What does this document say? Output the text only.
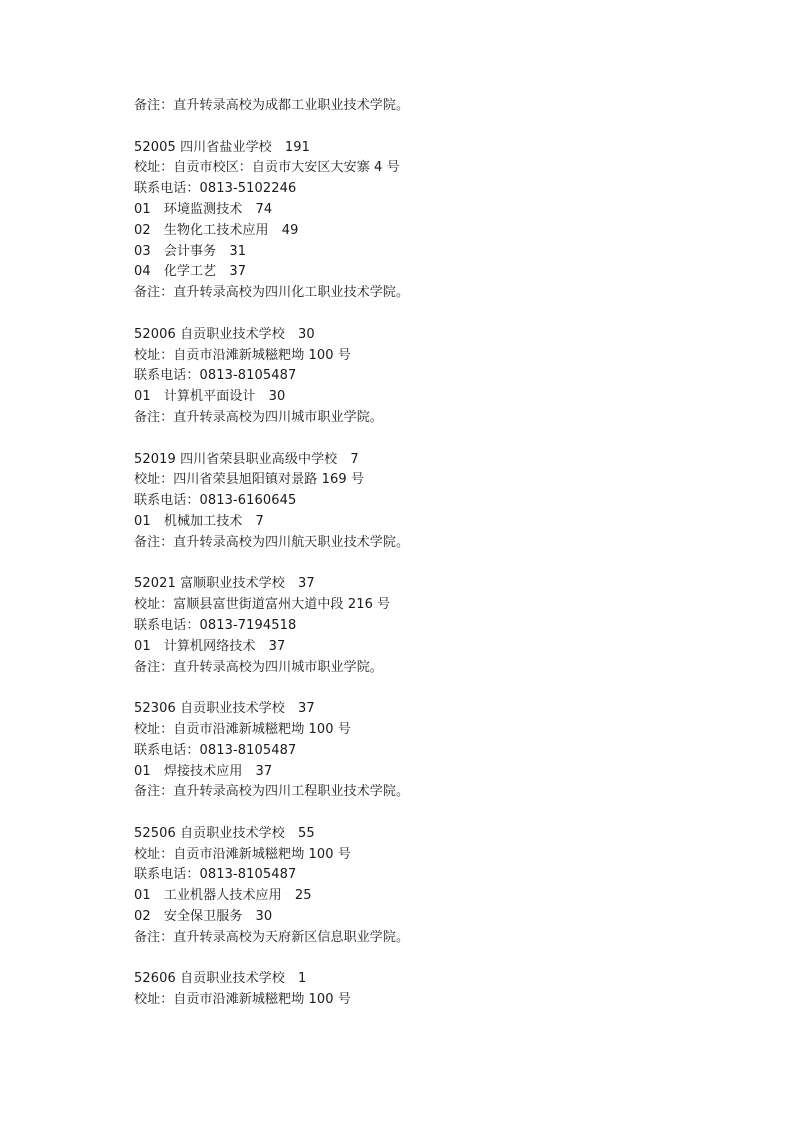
备注：直升转录高校为成都工业职业技术学院。
52005 四川省盐业学校　191
校址：自贡市校区：自贡市大安区大安寨 4 号
联系电话：0813-5102246
01　环境监测技术　74
02　生物化工技术应用　49
03　会计事务　31
04　化学工艺　37
备注：直升转录高校为四川化工职业技术学院。
52006 自贡职业技术学校　30
校址：自贡市沿滩新城糍粑坳 100 号
联系电话：0813-8105487
01　计算机平面设计　30
备注：直升转录高校为四川城市职业学院。
52019 四川省荣县职业高级中学校　7
校址：四川省荣县旭阳镇对景路 169 号
联系电话：0813-6160645
01　机械加工技术　7
备注：直升转录高校为四川航天职业技术学院。
52021 富顺职业技术学校　37
校址：富顺县富世街道富州大道中段 216 号
联系电话：0813-7194518
01　计算机网络技术　37
备注：直升转录高校为四川城市职业学院。
52306 自贡职业技术学校　37
校址：自贡市沿滩新城糍粑坳 100 号
联系电话：0813-8105487
01　焊接技术应用　37
备注：直升转录高校为四川工程职业技术学院。
52506 自贡职业技术学校　55
校址：自贡市沿滩新城糍粑坳 100 号
联系电话：0813-8105487
01　工业机器人技术应用　25
02　安全保卫服务　30
备注：直升转录高校为天府新区信息职业学院。
52606 自贡职业技术学校　1
校址：自贡市沿滩新城糍粑坳 100 号
